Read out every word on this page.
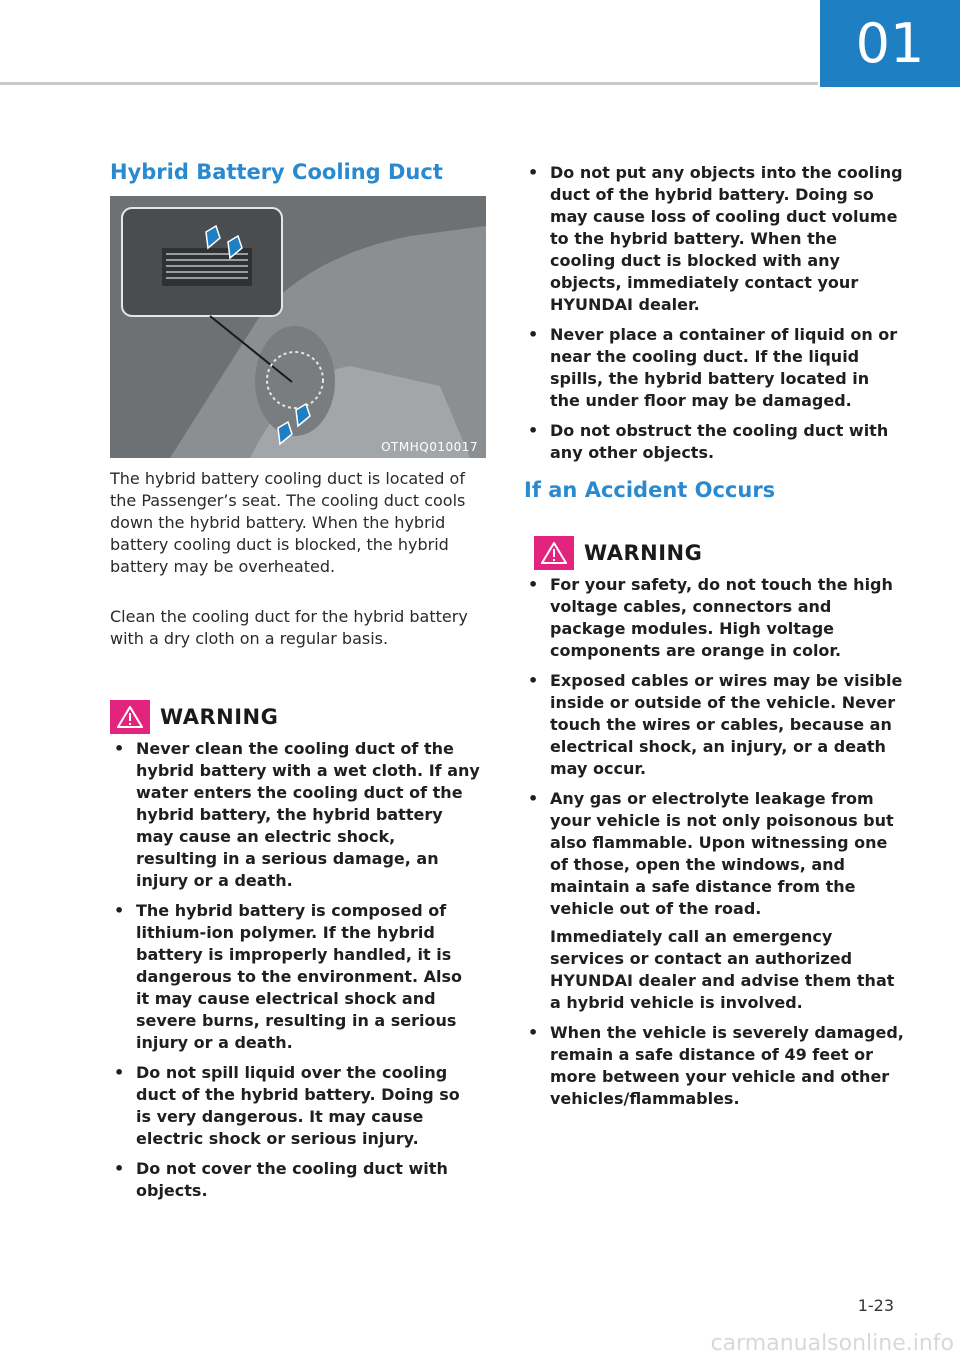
01
Hybrid Battery Cooling Duct
OTMHQ010017

The hybrid battery cooling duct is located of the Passenger’s seat. The cooling duct cools down the hybrid battery. When the hybrid battery cooling duct is blocked, the hybrid battery may be overheated.

Clean the cooling duct for the hybrid battery with a dry cloth on a regular basis.

WARNING
• Never clean the cooling duct of the hybrid battery with a wet cloth. If any water enters the cooling duct of the hybrid battery, the hybrid battery may cause an electric shock, resulting in a serious damage, an injury or a death.
• The hybrid battery is composed of lithium-ion polymer. If the hybrid battery is improperly handled, it is dangerous to the environment. Also it may cause electrical shock and severe burns, resulting in a serious injury or a death.
• Do not spill liquid over the cooling duct of the hybrid battery. Doing so is very dangerous. It may cause electric shock or serious injury.
• Do not cover the cooling duct with objects.
• Do not put any objects into the cooling duct of the hybrid battery. Doing so may cause loss of cooling duct volume to the hybrid battery. When the cooling duct is blocked with any objects, immediately contact your HYUNDAI dealer.
• Never place a container of liquid on or near the cooling duct. If the liquid spills, the hybrid battery located in the under floor may be damaged.
• Do not obstruct the cooling duct with any other objects.
If an Accident Occurs
WARNING

• For your safety, do not touch the high voltage cables, connectors and package modules. High voltage components are orange in color.

• Exposed cables or wires may be visible inside or outside of the vehicle. Never touch the wires or cables, because an electrical shock, an injury, or a death may occur.

• Any gas or electrolyte leakage from your vehicle is not only poisonous but also flammable. Upon witnessing one of those, open the windows, and maintain a safe distance from the vehicle out of the road.

Immediately call an emergency services or contact an authorized HYUNDAI dealer and advise them that a hybrid vehicle is involved.

• When the vehicle is severely damaged, remain a safe distance of 49 feet or more between your vehicle and other vehicles/flammables.

1-23
carmanualsonline.info
